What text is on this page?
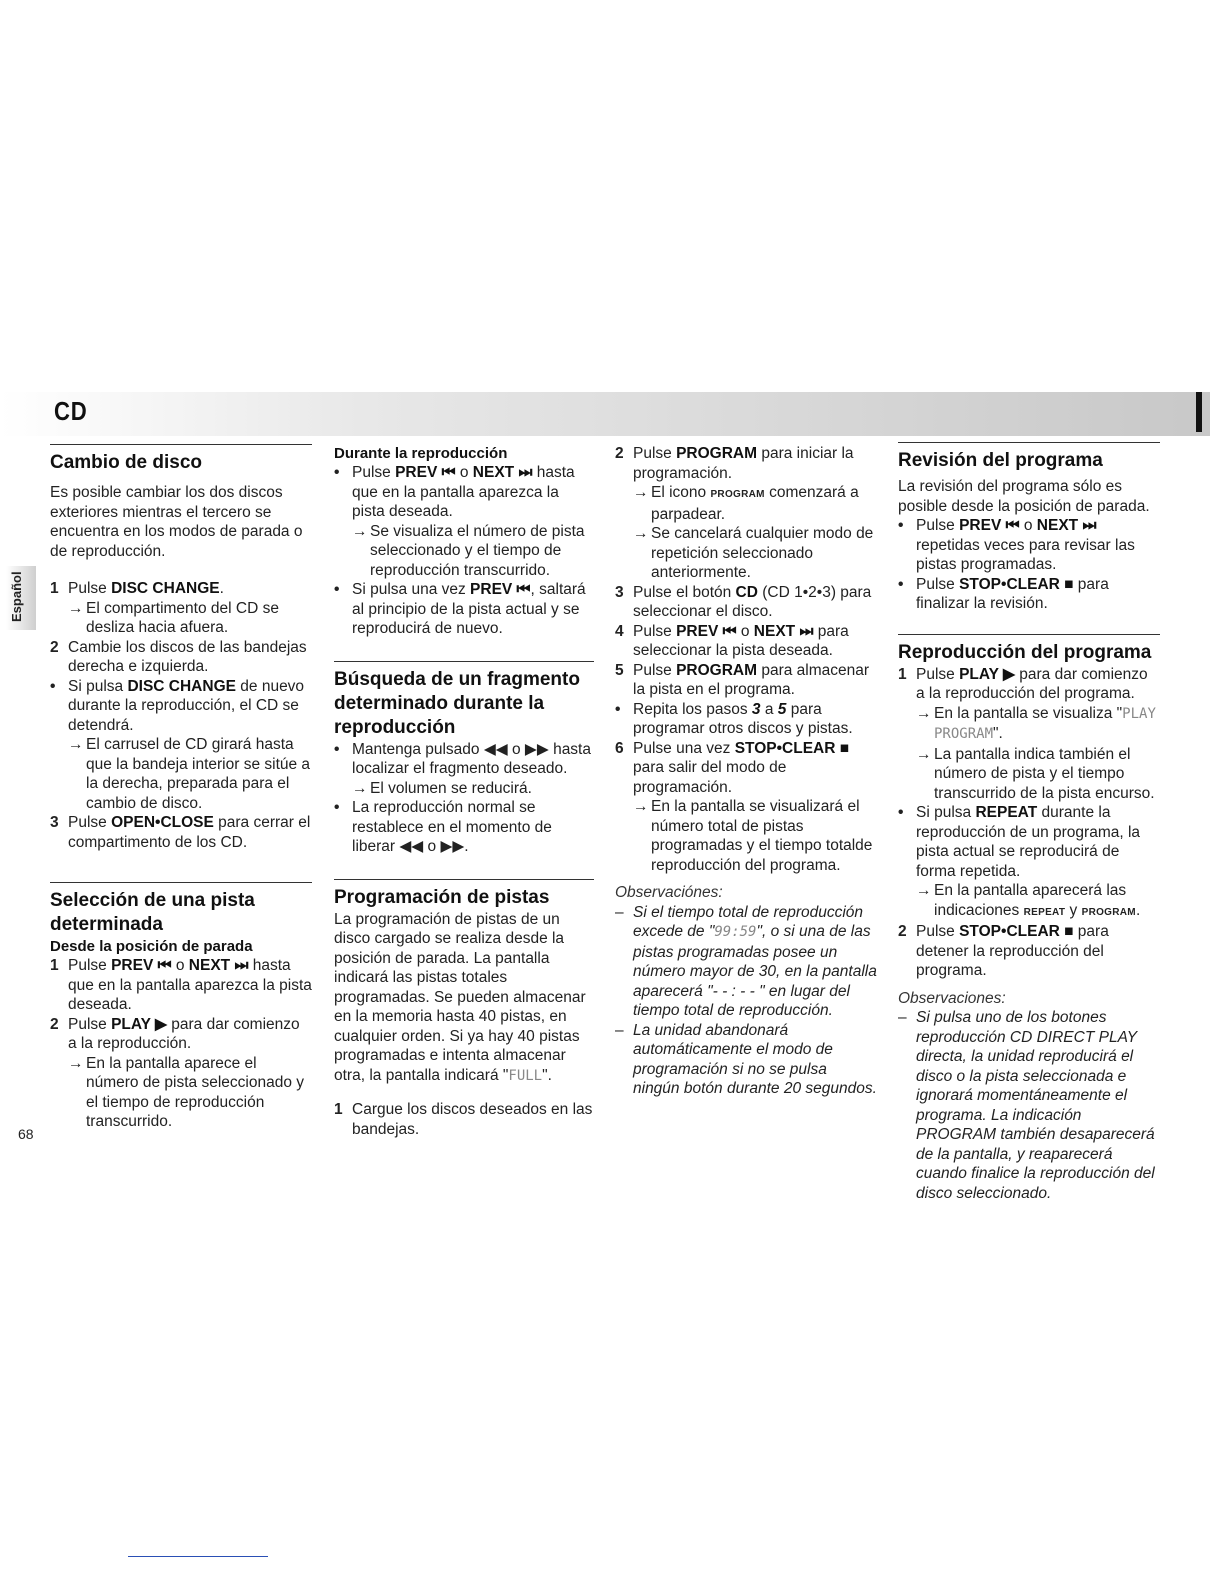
CD
Español
68
Cambio de disco

Es posible cambiar los dos discos exteriores mientras el tercero se encuentra en los modos de parada o de reproducción.

1 Pulse DISC CHANGE.
→ El compartimento del CD se desliza hacia afuera.
2 Cambie los discos de las bandejas derecha e izquierda.
• Si pulsa DISC CHANGE de nuevo durante la reproducción, el CD se detendrá.
→ El carrusel de CD girará hasta que la bandeja interior se sitúe a la derecha, preparada para el cambio de disco.
3 Pulse OPEN•CLOSE para cerrar el compartimento de los CD.
Selección de una pista determinada
Desde la posición de parada
1 Pulse PREV ⏮ o NEXT ⏭ hasta que en la pantalla aparezca la pista deseada.
2 Pulse PLAY ▶ para dar comienzo a la reproducción.
→ En la pantalla aparece el número de pista seleccionado y el tiempo de reproducción transcurrido.
Durante la reproducción
• Pulse PREV ⏮ o NEXT ⏭ hasta que en la pantalla aparezca la pista deseada.
→ Se visualiza el número de pista seleccionado y el tiempo de reproducción transcurrido.
• Si pulsa una vez PREV ⏮, saltará al principio de la pista actual y se reproducirá de nuevo.
Búsqueda de un fragmento determinado durante la reproducción
• Mantenga pulsado ◀◀ o ▶▶ hasta localizar el fragmento deseado.
→ El volumen se reducirá.
• La reproducción normal se restablece en el momento de liberar ◀◀ o ▶▶.
Programación de pistas

La programación de pistas de un disco cargado se realiza desde la posición de parada. La pantalla indicará las pistas totales programadas. Se pueden almacenar en la memoria hasta 40 pistas, en cualquier orden. Si ya hay 40 pistas programadas e intenta almacenar otra, la pantalla indicará "FULL".

1 Cargue los discos deseados en las bandejas.
2 Pulse PROGRAM para iniciar la programación.
→ El icono PROGRAM comenzará a parpadear.
→ Se cancelará cualquier modo de repetición seleccionado anteriormente.
3 Pulse el botón CD (CD 1•2•3) para seleccionar el disco.
4 Pulse PREV ⏮ o NEXT ⏭ para seleccionar la pista deseada.
5 Pulse PROGRAM para almacenar la pista en el programa.
• Repita los pasos 3 a 5 para programar otros discos y pistas.
6 Pulse una vez STOP•CLEAR ■ para salir del modo de programación.
→ En la pantalla se visualizará el número total de pistas programadas y el tiempo totalde reproducción del programa.

Observaciónes:

– Si el tiempo total de reproducción excede de "99:59", o si una de las pistas programadas posee un número mayor de 30, en la pantalla aparecerá "- - : - - " en lugar del tiempo total de reproducción.
– La unidad abandonará automáticamente el modo de programación si no se pulsa ningún botón durante 20 segundos.
Revisión del programa

La revisión del programa sólo es posible desde la posición de parada.

• Pulse PREV ⏮ o NEXT ⏭ repetidas veces para revisar las pistas programadas.
• Pulse STOP•CLEAR ■ para finalizar la revisión.
Reproducción del programa
1 Pulse PLAY ▶ para dar comienzo a la reproducción del programa.
→ En la pantalla se visualiza "PLAY PROGRAM".
→ La pantalla indica también el número de pista y el tiempo transcurrido de la pista encurso.
• Si pulsa REPEAT durante la reproducción de un programa, la pista actual se reproducirá de forma repetida.
→ En la pantalla aparecerá las indicaciones REPEAT y PROGRAM.
2 Pulse STOP•CLEAR ■ para detener la reproducción del programa.

Observaciones:

– Si pulsa uno de los botones reproducción CD DIRECT PLAY directa, la unidad reproducirá el disco o la pista seleccionada e ignorará momentáneamente el programa. La indicación PROGRAM también desaparecerá de la pantalla, y reaparecerá cuando finalice la reproducción del disco seleccionado.
